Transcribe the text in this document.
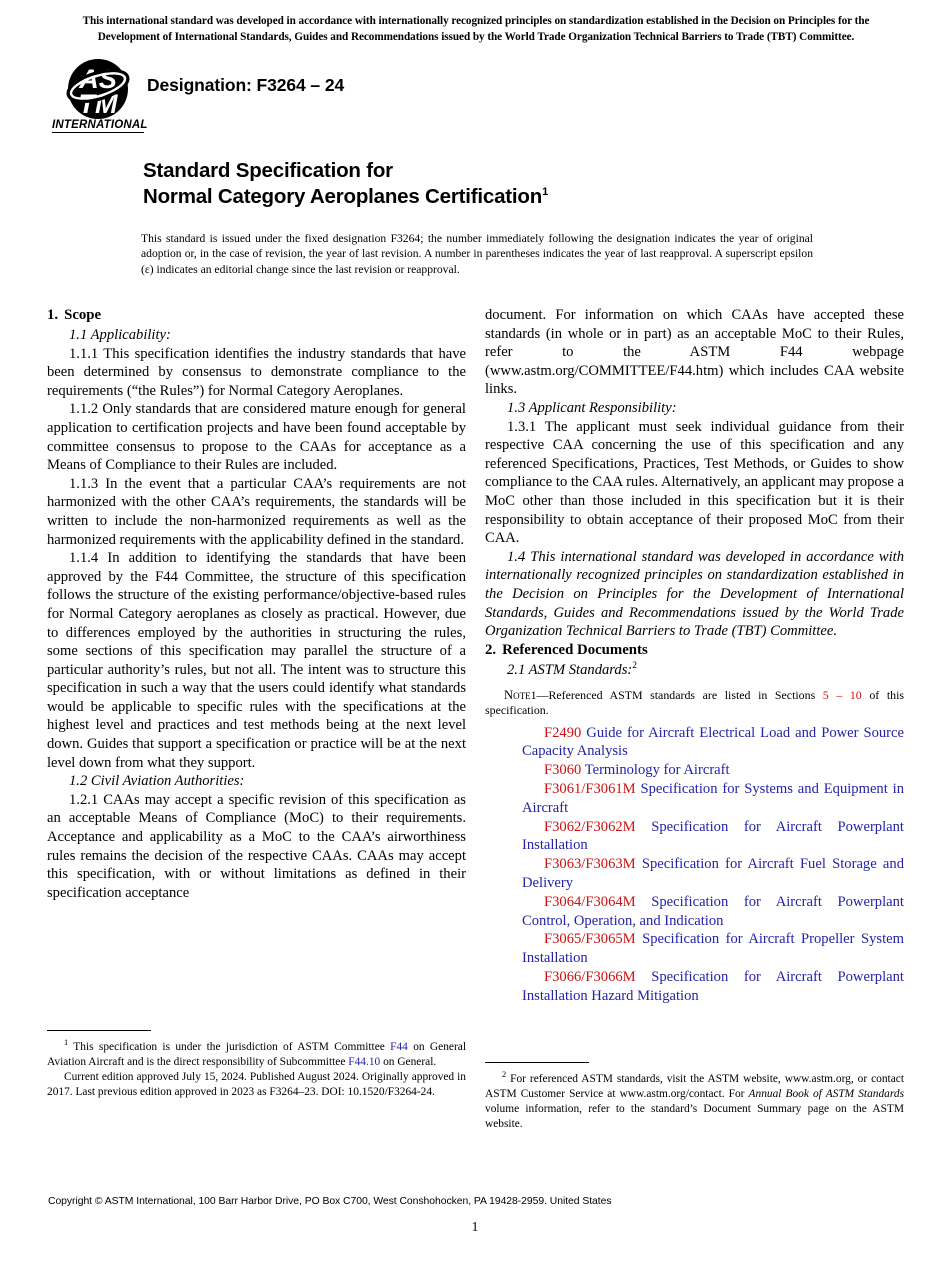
This international standard was developed in accordance with internationally recognized principles on standardization established in the Decision on Principles for the
Development of International Standards, Guides and Recommendations issued by the World Trade Organization Technical Barriers to Trade (TBT) Committee.
AS
TM
INTERNATIONAL
Designation: F3264 – 24
Standard Specification for
Normal Category Aeroplanes Certification$^1$
This standard is issued under the fixed designation F3264; the number immediately following the designation indicates the year of original adoption or, in the case of revision, the year of last revision. A number in parentheses indicates the year of last reapproval. A superscript epsilon (ε) indicates an editorial change since the last revision or reapproval.
1. Scope

1.1 Applicability:

1.1.1 This specification identifies the industry standards that have been determined by consensus to demonstrate compliance to the requirements (“the Rules”) for Normal Category Aeroplanes.

1.1.2 Only standards that are considered mature enough for general application to certification projects and have been found acceptable by committee consensus to propose to the CAAs for acceptance as a Means of Compliance to their Rules are included.

1.1.3 In the event that a particular CAA’s requirements are not harmonized with the other CAA’s requirements, the standards will be written to include the non-harmonized requirements as well as the harmonized requirements with the applicability defined in the standard.

1.1.4 In addition to identifying the standards that have been approved by the F44 Committee, the structure of this specification follows the structure of the existing performance/objective-based rules for Normal Category aeroplanes as closely as practical. However, due to differences employed by the authorities in structuring the rules, some sections of this specification may parallel the structure of a particular authority’s rules, but not all. The intent was to structure this specification in such a way that the users could identify what standards would be applicable to specific rules with the specifications at the highest level and practices and test methods being at the next level down. Guides that support a specification or practice will be at the next level down from what they support.

1.2 Civil Aviation Authorities:

1.2.1 CAAs may accept a specific revision of this specification as an acceptable Means of Compliance (MoC) to their requirements. Acceptance and applicability as a MoC to the CAA’s airworthiness rules remains the decision of the respective CAAs. CAAs may accept this specification, with or without limitations as defined in their specification acceptance

document. For information on which CAAs have accepted these standards (in whole or in part) as an acceptable MoC to their Rules, refer to the ASTM F44 webpage (www.astm.org/COMMITTEE/F44.htm) which includes CAA website links.

1.3 Applicant Responsibility:

1.3.1 The applicant must seek individual guidance from their respective CAA concerning the use of this specification and any referenced Specifications, Practices, Test Methods, or Guides to show compliance to the CAA rules. Alternatively, an applicant may propose a MoC other than those included in this specification but it is their responsibility to obtain acceptance of their proposed MoC from their CAA.

1.4 This international standard was developed in accordance with internationally recognized principles on standardization established in the Decision on Principles for the Development of International Standards, Guides and Recommendations issued by the World Trade Organization Technical Barriers to Trade (TBT) Committee.

2. Referenced Documents

2.1 ASTM Standards:$^2$

Note1—Referenced ASTM standards are listed in Sections 5 – 10 of this specification.

F2490 Guide for Aircraft Electrical Load and Power Source Capacity Analysis

F3060 Terminology for Aircraft

F3061/F3061M Specification for Systems and Equipment in Aircraft

F3062/F3062M Specification for Aircraft Powerplant Installation

F3063/F3063M Specification for Aircraft Fuel Storage and Delivery

F3064/F3064M Specification for Aircraft Powerplant Control, Operation, and Indication

F3065/F3065M Specification for Aircraft Propeller System Installation

F3066/F3066M Specification for Aircraft Powerplant Installation Hazard Mitigation

$^1$ This specification is under the jurisdiction of ASTM Committee F44 on General Aviation Aircraft and is the direct responsibility of Subcommittee F44.10 on General.

Current edition approved July 15, 2024. Published August 2024. Originally approved in 2017. Last previous edition approved in 2023 as F3264–23. DOI: 10.1520/F3264-24.

$^2$ For referenced ASTM standards, visit the ASTM website, www.astm.org, or contact ASTM Customer Service at www.astm.org/contact. For Annual Book of ASTM Standards volume information, refer to the standard’s Document Summary page on the ASTM website.

Copyright © ASTM International, 100 Barr Harbor Drive, PO Box C700, West Conshohocken, PA 19428-2959. United States
1
